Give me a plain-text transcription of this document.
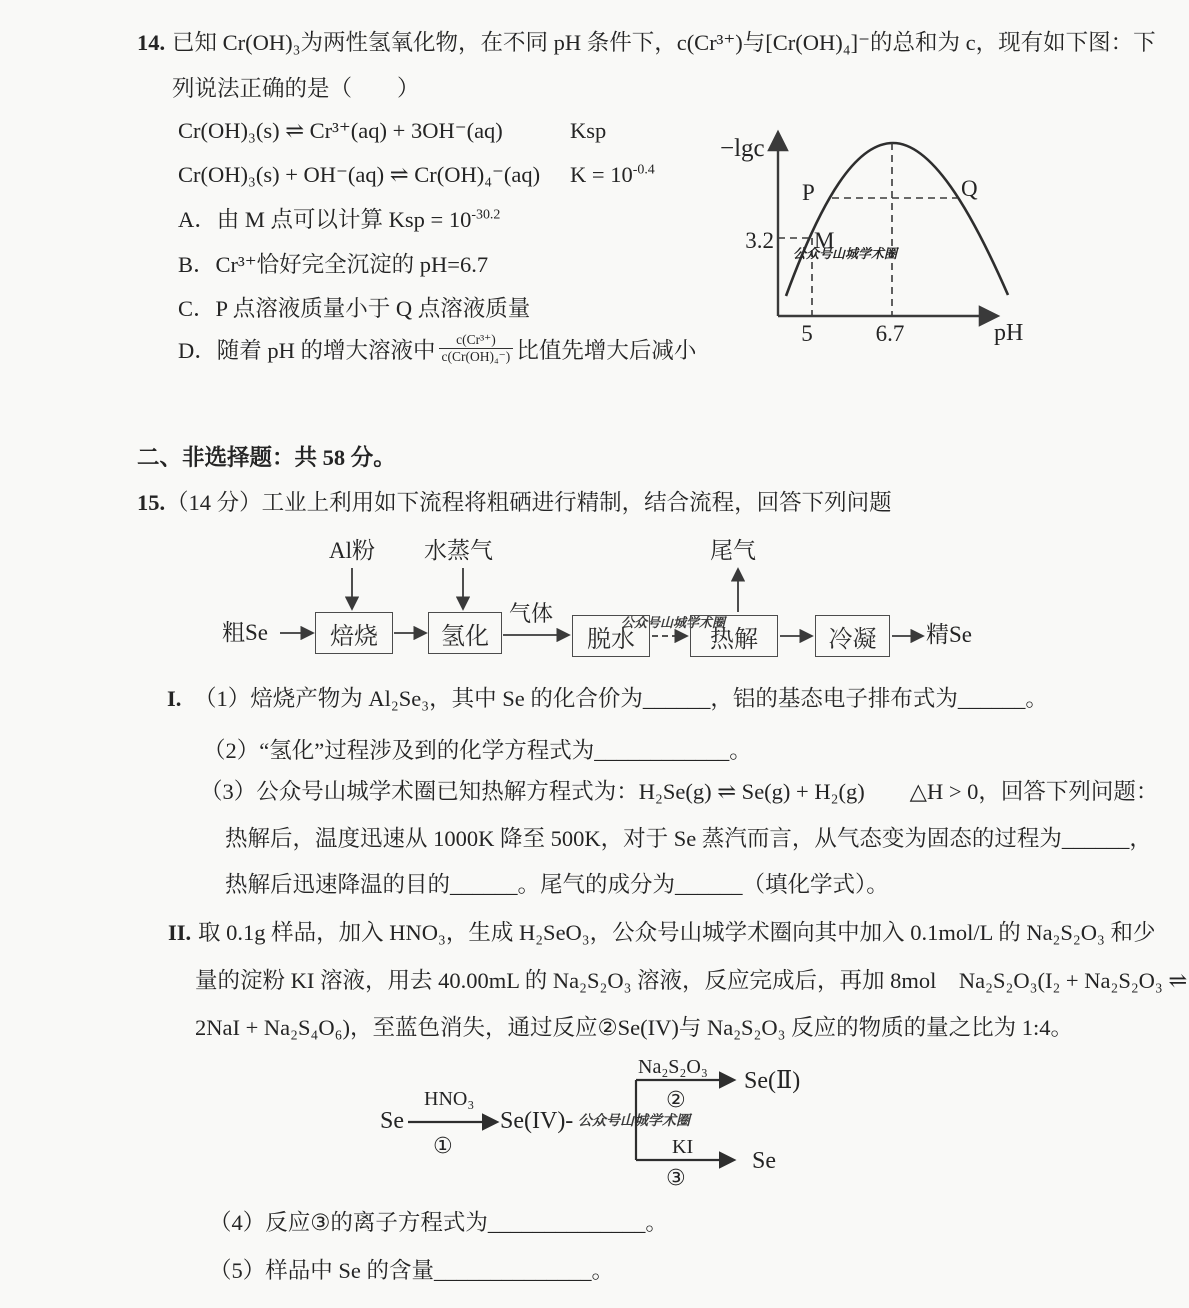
14. 已知 Cr(OH)₃为两性氢氧化物，在不同 pH 条件下，c(Cr³⁺)与[Cr(OH)₄]⁻的总和为 c，现有如下图：下
列说法正确的是（　　）
Cr(OH)₃(s) ⇌ Cr³⁺(aq) + 3OH⁻(aq)	Ksp
Cr(OH)₃(s) + OH⁻(aq) ⇌ Cr(OH)₄⁻(aq) $K = 10^{-0.4}$
A．由 M 点可以计算 Ksp = $10^{-30.2}$
B．Cr³⁺恰好完全沉淀的 pH=6.7
C．P 点溶液质量小于 Q 点溶液质量
D．随着 pH 的增大溶液中 $\frac{\text{c(Cr³⁺)}}{\text{c(Cr(OH)₄⁻)}}$ 比值先增大后减小
−lgc
pH
3.2
5	6.7
P	Q
M
公众号山城学术圈
二、非选择题：共 58 分。
15. （14 分）工业上利用如下流程将粗硒进行精制，结合流程，回答下列问题
粗Se
Al粉 水蒸气	尾气
气体	公众号山城学术圈
焙烧	氢化	脱水	热解	冷凝	精Se
I. （1）焙烧产物为 Al₂Se₃，其中 Se 的化合价为______，铝的基态电子排布式为______。
（2）“氢化”过程涉及到的化学方程式为____________。
（3）公众号山城学术圈已知热解方程式为：H₂Se(g) ⇌ Se(g) + H₂(g)　　△H > 0，回答下列问题：
热解后，温度迅速从 1000K 降至 500K，对于 Se 蒸汽而言，从气态变为固态的过程为______，
热解后迅速降温的目的______。尾气的成分为______（填化学式）。
II. 取 0.1g 样品，加入 HNO₃，生成 H₂SeO₃，公众号山城学术圈向其中加入 0.1mol/L 的 Na₂S₂O₃ 和少
量的淀粉 KI 溶液，用去 40.00mL 的 Na₂S₂O₃ 溶液，反应完成后，再加 8mol　Na₂S₂O₃(I₂ + Na₂S₂O₃ ⇌
2NaI + Na₂S₄O₆)，至蓝色消失，通过反应②Se(IV)与 Na₂S₂O₃ 反应的物质的量之比为 1:4。
Se
HNO₃
①
Se(IV)- 公众号山城学术圈
Na₂S₂O₃
②
Se(Ⅱ)
KI
③
Se
（4）反应③的离子方程式为______________。
（5）样品中 Se 的含量______________。
